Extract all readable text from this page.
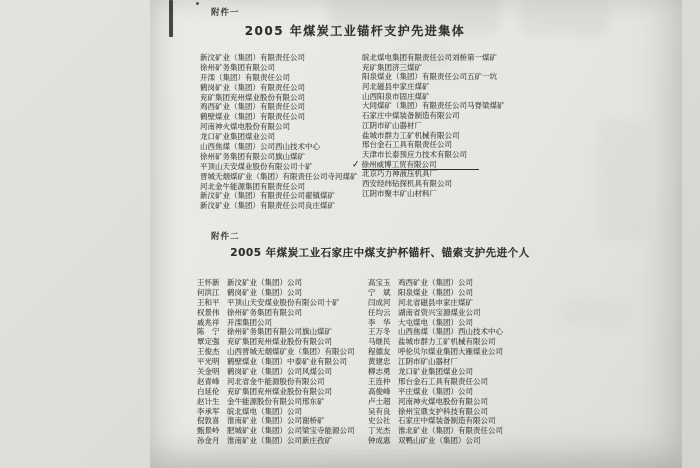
附件一
2005 年煤炭工业锚杆支护先进集体
新汶矿业（集团）有限责任公司
徐州矿务集团有限公司
开滦（集团）有限责任公司
鹤岗矿业（集团）有限责任公司
兖矿集团兖州煤业股份有限公司
鸡西矿业（集团）有限责任公司
鹤壁煤业（集团）有限责任公司
河南神火煤电股份有限公司
龙口矿业集团煤业公司
山西焦煤（集团）公司西山技术中心
徐州矿务集团有限公司旗山煤矿
平顶山天安煤业股份有限公司十矿
晋城无烟煤矿业（集团）有限责任公司寺河煤矿
河北金牛能源集团有限责任公司
新汶矿业（集团）有限责任公司翟镇煤矿
新汶矿业（集团）有限责任公司良庄煤矿
皖北煤电集团有限责任公司刘桥第一煤矿
兖矿集团济三煤矿
阳泉煤业（集团）有限责任公司五矿一坑
河北磁县申家庄煤矿
山西阳泉市固庄煤矿
大同煤矿（集团）有限责任公司马脊梁煤矿
石家庄中煤装备制造有限公司
江阴市矿山器材厂
盐城市群力工矿机械有限公司
邢台金石工具有限责任公司
天津市长泰预应力技术有限公司
✓ 徐州威博工贸有限公司
北京巧力神液压机具厂
西安经纬钻探机具有限公司
江阴市聚丰矿山材料厂
附件二
2005 年煤炭工业石家庄中煤支护杯锚杆、锚索支护先进个人
王怀新 新汶矿业（集团）公司
何洪江 鹤岗矿业（集团）公司
王和平 平顶山天安煤业股份有限公司十矿
权景伟 徐州矿务集团有限公司
戚兆祥 开滦集团公司
陈　宁 徐州矿务集团有限公司旗山煤矿
覃定强 兖矿集团兖州煤业股份有限公司
王俊杰 山西晋城无烟煤矿业（集团）有限公司
平光明 鹤壁煤业（集团）中泰矿业有限公司
关金明 鹤岗矿业（集团）公司风煤公司
赵青峰 河北省金牛能源股份有限公司
白延伦 兖矿集团兖州煤业股份有限公司
赵计生 金牛能源股份有限公司邢东矿
李承军 皖北煤电（集团）公司
倪敦喜 淮南矿业（集团）公司谢桥矿
甄景岭 肥城矿业（集团）公司梁宝寺能源公司
孙金月 淮南矿业（集团）公司新庄孜矿
高宝玉 鸡西矿业（集团）公司
宁　斌 阳泉煤业（集团）公司
闫成河 河北省磁县申家庄煤矿
任均云 湖南省资兴宝源煤业公司
李　华 大屯煤电（集团）公司
王万冬 山西焦煤（集团）西山技术中心
马继民 盐城市群力工矿机械有限公司
程德友 呼伦贝尔煤业集团大雁煤业公司
黄建忠 江阴市矿山器材厂
柳志勇 龙口矿业集团煤业公司
王连仲 邢台金石工具有限责任公司
高俊峰 平庄煤业（集团）公司
卢士超 河南神火煤电股份有限公司
吴有良 徐州宝鼎支护科技有限公司
史公社 石家庄中煤装备制造有限公司
丁光杰 淮北矿业（集团）有限责任公司
钟成惠 双鸭山矿业（集团）公司
